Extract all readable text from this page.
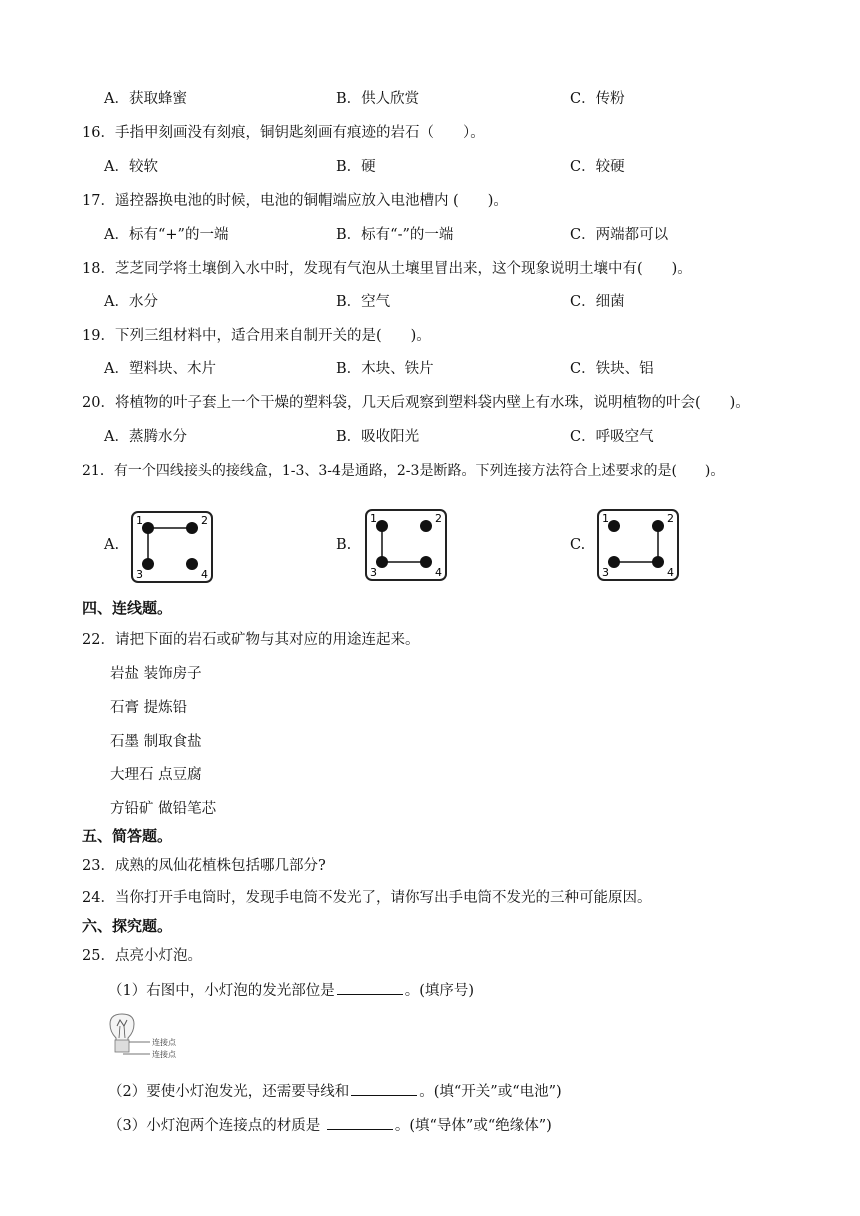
A．获取蜂蜜	B．供人欣赏	C．传粉
16．手指甲刻画没有刻痕，铜钥匙刻画有痕迹的岩石（　　）。
A．较软	B．硬	C．较硬
17．遥控器换电池的时候，电池的铜帽端应放入电池槽内 (　　)。
A．标有“+”的一端	B．标有“-”的一端	C．两端都可以
18．芝芝同学将土壤倒入水中时，发现有气泡从土壤里冒出来，这个现象说明土壤中有(　　)。
A．水分	B．空气	C．细菌
19．下列三组材料中，适合用来自制开关的是(　　)。
A．塑料块、木片	B．木块、铁片	C．铁块、铝
20．将植物的叶子套上一个干燥的塑料袋，几天后观察到塑料袋内壁上有水珠，说明植物的叶会(　　)。
A．蒸腾水分	B．吸收阳光	C．呼吸空气
21．有一个四线接头的接线盒，1-3、3-4是通路，2-3是断路。下列连接方法符合上述要求的是(　　)。
A.
1	2
3	4
B.
1	2
3	4
C.
1	2
3	4
四、连线题。
22．请把下面的岩石或矿物与其对应的用途连起来。
岩盐 装饰房子
石膏 提炼铅
石墨 制取食盐
大理石 点豆腐
方铅矿 做铅笔芯
五、简答题。
23．成熟的凤仙花植株包括哪几部分?
24．当你打开手电筒时，发现手电筒不发光了，请你写出手电筒不发光的三种可能原因。
六、探究题。
25．点亮小灯泡。
（1）右图中，小灯泡的发光部位是	。(填序号)
连接点
连接点
（2）要使小灯泡发光，还需要导线和	。(填“开关”或“电池”)
（3）小灯泡两个连接点的材质是	。(填“导体”或“绝缘体”)
